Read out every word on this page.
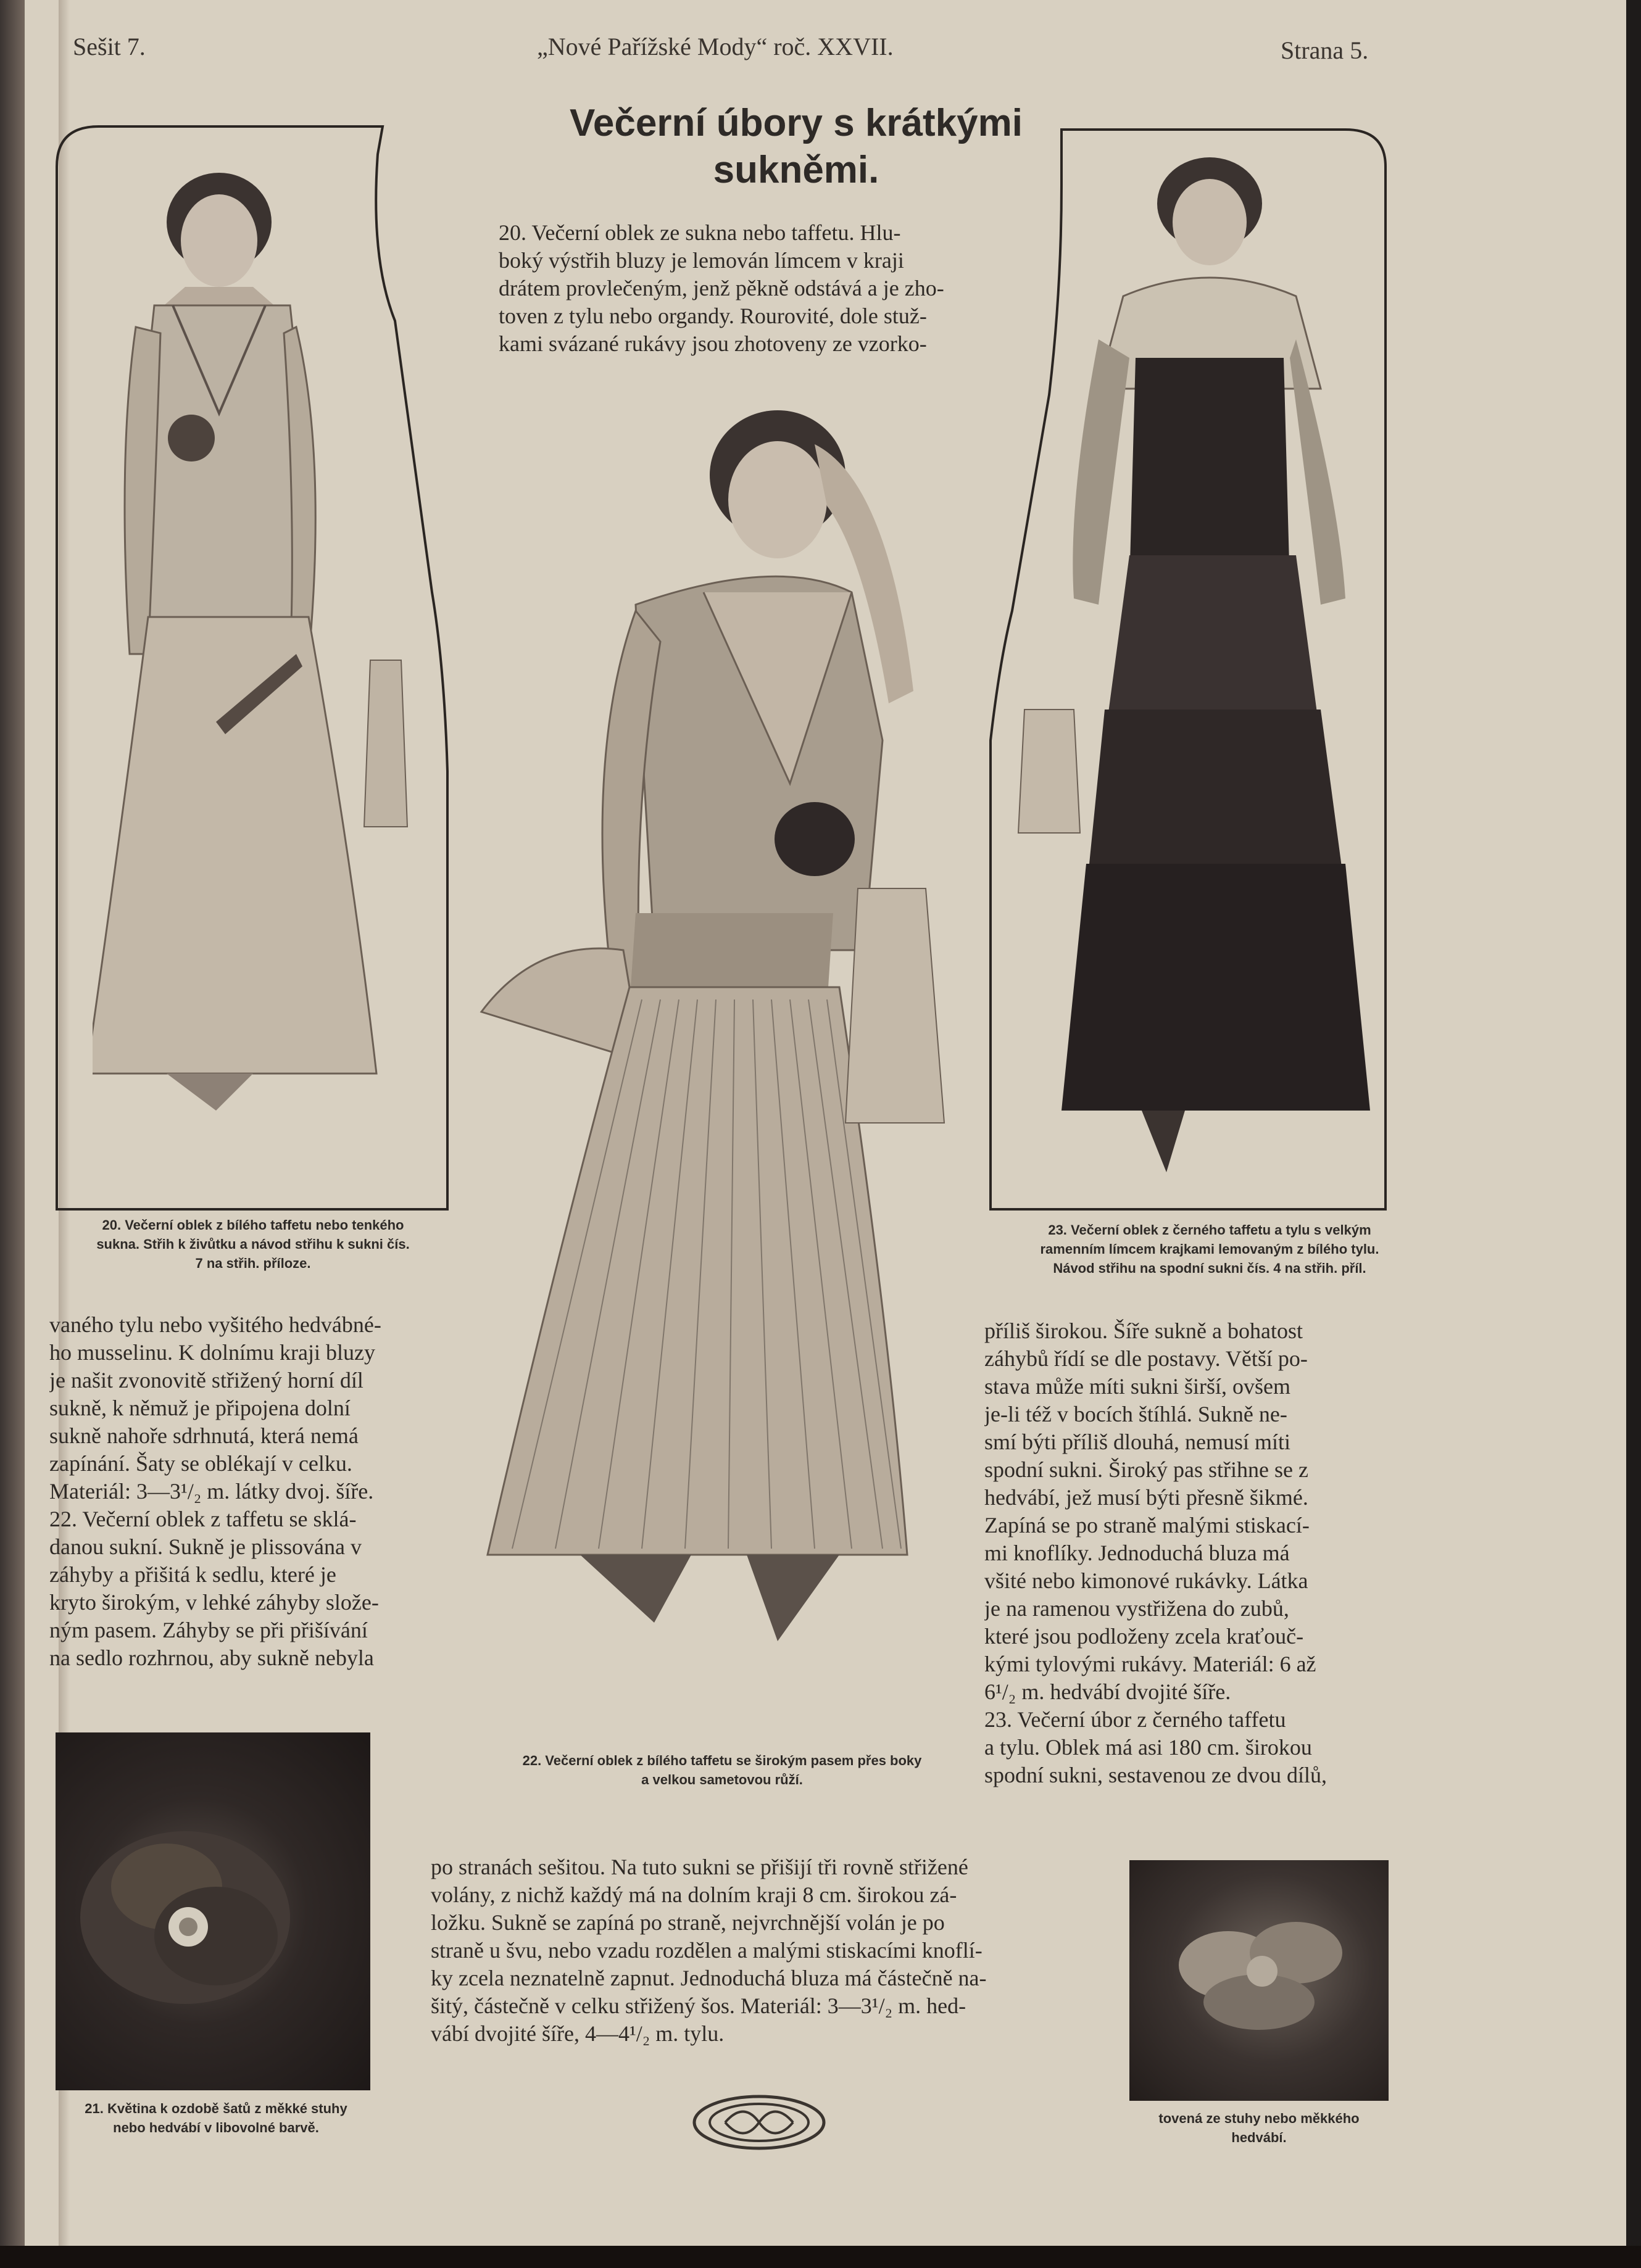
Sešit 7.	„Nové Pařížské Mody“ roč. XXVII.	Strana 5.
Večerní úbory s krátkými
sukněmi.
20. Večerní oblek ze sukna nebo taffetu. Hlu-
boký výstřih bluzy je lemován límcem v kraji
drátem provlečeným, jenž pěkně odstává a je zho-
toven z tylu nebo organdy. Rourovité, dole stuž-
kami svázané rukávy jsou zhotoveny ze vzorko-
20. Večerní oblek z bílého taffetu nebo tenkého
sukna. Střih k živůtku a návod střihu k sukni čís.
7 na střih. příloze.
23. Večerní oblek z černého taffetu a tylu s velkým
ramenním límcem krajkami lemovaným z bílého tylu.
Návod střihu na spodní sukni čís. 4 na střih. příl.
vaného tylu nebo vyšitého hedvábné-
ho musselinu. K dolnímu kraji bluzy
je našit zvonovitě střižený horní díl
sukně, k němuž je připojena dolní
sukně nahoře sdrhnutá, která nemá
zapínání. Šaty se oblékají v celku.
Materiál: 3—3¹/₂ m. látky dvoj. šíře.
22. Večerní oblek z taffetu se sklá-
danou sukní. Sukně je plissována v
záhyby a přišitá k sedlu, které je
kryto širokým, v lehké záhyby slože-
ným pasem. Záhyby se při přišívání
na sedlo rozhrnou, aby sukně nebyla
příliš širokou. Šíře sukně a bohatost
záhybů řídí se dle postavy. Větší po-
stava může míti sukni širší, ovšem
je-li též v bocích štíhlá. Sukně ne-
smí býti příliš dlouhá, nemusí míti
spodní sukni. Široký pas střihne se z
hedvábí, jež musí býti přesně šikmé.
Zapíná se po straně malými stiskací-
mi knoflíky. Jednoduchá bluza má
všité nebo kimonové rukávky. Látka
je na ramenou vystřižena do zubů,
které jsou podloženy zcela kraťouč-
kými tylovými rukávy. Materiál: 6 až
6¹/₂ m. hedvábí dvojité šíře.
23. Večerní úbor z černého taffetu
a tylu. Oblek má asi 180 cm. širokou
spodní sukni, sestavenou ze dvou dílů,
22. Večerní oblek z bílého taffetu se širokým pasem přes boky
a velkou sametovou růží.
21. Květina k ozdobě šatů z měkké stuhy
nebo hedvábí v libovolné barvě.
po stranách sešitou. Na tuto sukni se přišijí tři rovně střižené
volány, z nichž každý má na dolním kraji 8 cm. širokou zá-
ložku. Sukně se zapíná po straně, nejvrchnější volán je po
straně u švu, nebo vzadu rozdělen a malými stiskacími knoflí-
ky zcela neznatelně zapnut. Jednoduchá bluza má částečně na-
šitý, částečně v celku střižený šos. Materiál: 3—3¹/₂ m. hed-
vábí dvojité šíře, 4—4¹/₂ m. tylu.
tovená ze stuhy nebo měkkého
hedvábí.
